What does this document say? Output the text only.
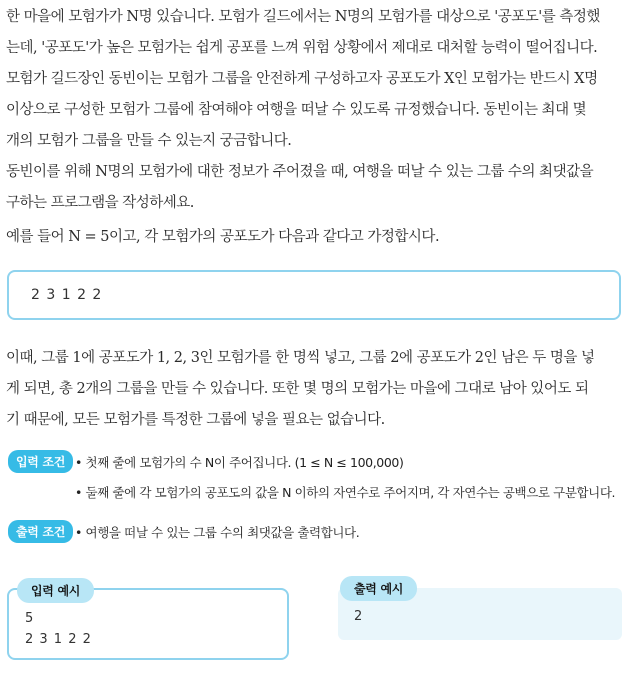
한 마을에 모험가가 N명 있습니다. 모험가 길드에서는 N명의 모험가를 대상으로 '공포도'를 측정했
는데, '공포도'가 높은 모험가는 쉽게 공포를 느껴 위험 상황에서 제대로 대처할 능력이 떨어집니다.
모험가 길드장인 동빈이는 모험가 그룹을 안전하게 구성하고자 공포도가 X인 모험가는 반드시 X명
이상으로 구성한 모험가 그룹에 참여해야 여행을 떠날 수 있도록 규정했습니다. 동빈이는 최대 몇
개의 모험가 그룹을 만들 수 있는지 궁금합니다.
동빈이를 위해 N명의 모험가에 대한 정보가 주어졌을 때, 여행을 떠날 수 있는 그룹 수의 최댓값을
구하는 프로그램을 작성하세요.
예를 들어 N = 5이고, 각 모험가의 공포도가 다음과 같다고 가정합시다.
2 3 1 2 2
이때, 그룹 1에 공포도가 1, 2, 3인 모험가를 한 명씩 넣고, 그룹 2에 공포도가 2인 남은 두 명을 넣
게 되면, 총 2개의 그룹을 만들 수 있습니다. 또한 몇 명의 모험가는 마을에 그대로 남아 있어도 되
기 때문에, 모든 모험가를 특정한 그룹에 넣을 필요는 없습니다.
입력 조건 • 첫째 줄에 모험가의 수 N이 주어집니다. (1 ≤ N ≤ 100,000)
• 둘째 줄에 각 모험가의 공포도의 값을 N 이하의 자연수로 주어지며, 각 자연수는 공백으로 구분합니다.
출력 조건 • 여행을 떠날 수 있는 그룹 수의 최댓값을 출력합니다.
입력 예시
5
2 3 1 2 2
출력 예시
2
